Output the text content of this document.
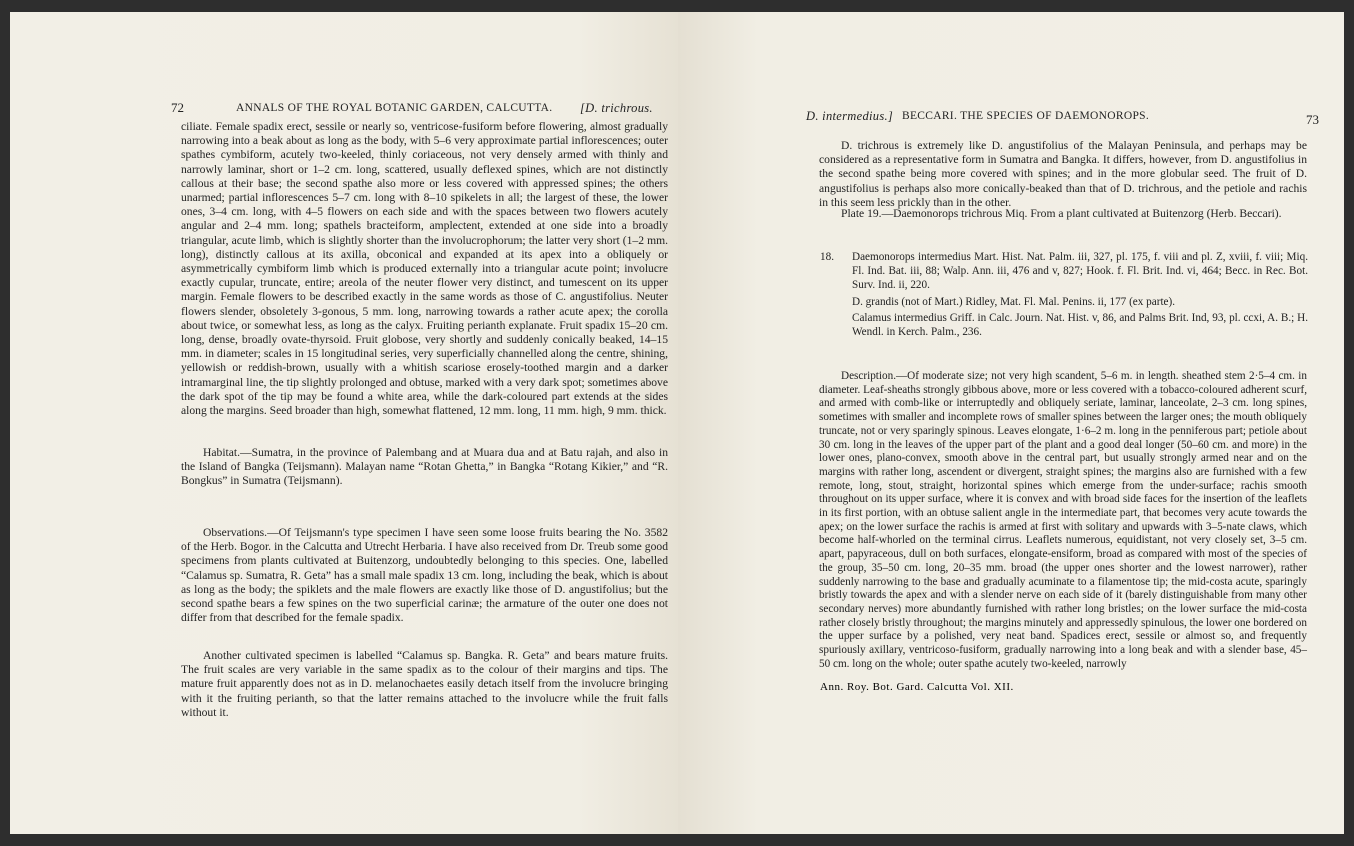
72	ANNALS OF THE ROYAL BOTANIC GARDEN, CALCUTTA. [D. trichrous.

ciliate. Female spadix erect, sessile or nearly so, ventricose-fusiform before flowering, almost gradually narrowing into a beak about as long as the body, with 5–6 very approximate partial inflorescences; outer spathes cymbiform, acutely two-keeled, thinly coriaceous, not very densely armed with thinly and narrowly laminar, short or 1–2 cm. long, scattered, usually deflexed spines, which are not distinctly callous at their base; the second spathe also more or less covered with appressed spines; the others unarmed; partial inflorescences 5–7 cm. long with 8–10 spikelets in all; the largest of these, the lower ones, 3–4 cm. long, with 4–5 flowers on each side and with the spaces between two flowers acutely angular and 2–4 mm. long; spathels bracteiform, amplectent, extended at one side into a broadly triangular, acute limb, which is slightly shorter than the involucrophorum; the latter very short (1–2 mm. long), distinctly callous at its axilla, obconical and expanded at its apex into a obliquely or asymmetrically cymbiform limb which is produced externally into a triangular acute point; involucre exactly cupular, truncate, entire; areola of the neuter flower very distinct, and tumescent on its upper margin. Female flowers to be described exactly in the same words as those of C. angustifolius. Neuter flowers slender, obsoletely 3-gonous, 5 mm. long, narrowing towards a rather acute apex; the corolla about twice, or somewhat less, as long as the calyx. Fruiting perianth explanate. Fruit spadix 15–20 cm. long, dense, broadly ovate-thyrsoid. Fruit globose, very shortly and suddenly conically beaked, 14–15 mm. in diameter; scales in 15 longitudinal series, very superficially channelled along the centre, shining, yellowish or reddish-brown, usually with a whitish scariose erosely-toothed margin and a darker intramarginal line, the tip slightly prolonged and obtuse, marked with a very dark spot; sometimes above the dark spot of the tip may be found a white area, while the dark-coloured part extends at the sides along the margins. Seed broader than high, somewhat flattened, 12 mm. long, 11 mm. high, 9 mm. thick.

Habitat.—Sumatra, in the province of Palembang and at Muara dua and at Batu rajah, and also in the Island of Bangka (Teijsmann). Malayan name “Rotan Ghetta,” in Bangka “Rotang Kikier,” and “R. Bongkus” in Sumatra (Teijsmann).

Observations.—Of Teijsmann's type specimen I have seen some loose fruits bearing the No. 3582 of the Herb. Bogor. in the Calcutta and Utrecht Herbaria. I have also received from Dr. Treub some good specimens from plants cultivated at Buitenzorg, undoubtedly belonging to this species. One, labelled “Calamus sp. Sumatra, R. Geta” has a small male spadix 13 cm. long, including the beak, which is about as long as the body; the spiklets and the male flowers are exactly like those of D. angustifolius; but the second spathe bears a few spines on the two superficial carinæ; the armature of the outer one does not differ from that described for the female spadix.

Another cultivated specimen is labelled “Calamus sp. Bangka. R. Geta” and bears mature fruits. The fruit scales are very variable in the same spadix as to the colour of their margins and tips. The mature fruit apparently does not as in D. melanochaetes easily detach itself from the involucre bringing with it the fruiting perianth, so that the latter remains attached to the involucre while the fruit falls without it.

D. intermedius.] BECCARI. THE SPECIES OF DAEMONOROPS.	73

D. trichrous is extremely like D. angustifolius of the Malayan Peninsula, and perhaps may be considered as a representative form in Sumatra and Bangka. It differs, however, from D. angustifolius in the second spathe being more covered with spines; and in the more globular seed. The fruit of D. angustifolius is perhaps also more conically-beaked than that of D. trichrous, and the petiole and rachis in this seem less prickly than in the other.

Plate 19.—Daemonorops trichrous Miq. From a plant cultivated at Buitenzorg (Herb. Beccari).

18.	Daemonorops intermedius Mart. Hist. Nat. Palm. iii, 327, pl. 175, f. viii and pl. Z, xviii, f. viii; Miq. Fl. Ind. Bat. iii, 88; Walp. Ann. iii, 476 and v, 827; Hook. f. Fl. Brit. Ind. vi, 464; Becc. in Rec. Bot. Surv. Ind. ii, 220.
D. grandis (not of Mart.) Ridley, Mat. Fl. Mal. Penins. ii, 177 (ex parte).
Calamus intermedius Griff. in Calc. Journ. Nat. Hist. v, 86, and Palms Brit. Ind, 93, pl. ccxi, A. B.; H. Wendl. in Kerch. Palm., 236.

Description.—Of moderate size; not very high scandent, 5–6 m. in length. sheathed stem 2·5–4 cm. in diameter. Leaf-sheaths strongly gibbous above, more or less covered with a tobacco-coloured adherent scurf, and armed with comb-like or interruptedly and obliquely seriate, laminar, lanceolate, 2–3 cm. long spines, sometimes with smaller and incomplete rows of smaller spines between the larger ones; the mouth obliquely truncate, not or very sparingly spinous. Leaves elongate, 1·6–2 m. long in the penniferous part; petiole about 30 cm. long in the leaves of the upper part of the plant and a good deal longer (50–60 cm. and more) in the lower ones, plano-convex, smooth above in the central part, but usually strongly armed near and on the margins with rather long, ascendent or divergent, straight spines; the margins also are furnished with a few remote, long, stout, straight, horizontal spines which emerge from the under-surface; rachis smooth throughout on its upper surface, where it is convex and with broad side faces for the insertion of the leaflets in its first portion, with an obtuse salient angle in the intermediate part, that becomes very acute towards the apex; on the lower surface the rachis is armed at first with solitary and upwards with 3–5-nate claws, which become half-whorled on the terminal cirrus. Leaflets numerous, equidistant, not very closely set, 3–5 cm. apart, papyraceous, dull on both surfaces, elongate-ensiform, broad as compared with most of the species of the group, 35–50 cm. long, 20–35 mm. broad (the upper ones shorter and the lowest narrower), rather suddenly narrowing to the base and gradually acuminate to a filamentose tip; the mid-costa acute, sparingly bristly towards the apex and with a slender nerve on each side of it (barely distinguishable from many other secondary nerves) more abundantly furnished with rather long bristles; on the lower surface the mid-costa rather closely bristly throughout; the margins minutely and appressedly spinulous, the lower one bordered on the upper surface by a polished, very neat band. Spadices erect, sessile or almost so, and frequently spuriously axillary, ventricoso-fusiform, gradually narrowing into a long beak and with a slender base, 45–50 cm. long on the whole; outer spathe acutely two-keeled, narrowly

Ann. Roy. Bot. Gard. Calcutta Vol. XII.
